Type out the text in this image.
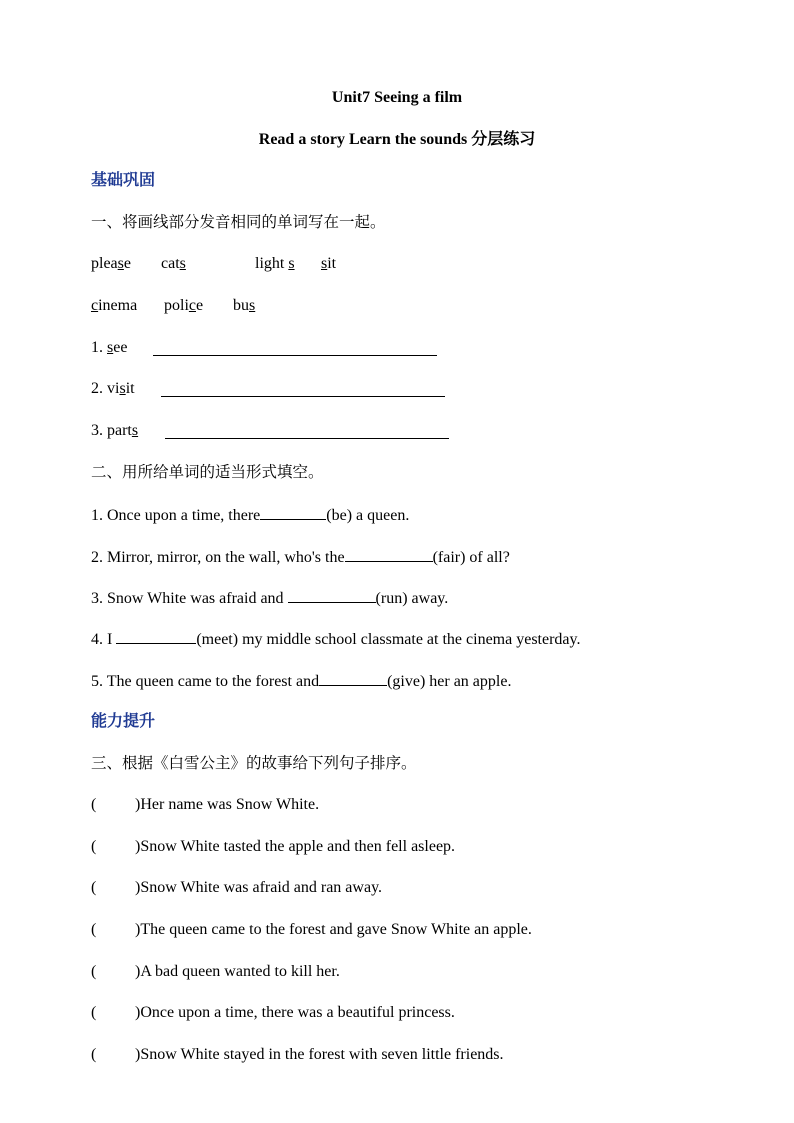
Unit7 Seeing a film
Read a story Learn the sounds 分层练习
基础巩固
一、将画线部分发音相同的单词写在一起。
please cats	light s sit
cinema police bus
1. see
2. visit
3. parts
二、用所给单词的适当形式填空。
1. Once upon a time, there	(be) a queen.
2. Mirror, mirror, on the wall, who's the	(fair) of all?
3. Snow White was afraid and	(run) away.
4. I	(meet) my middle school classmate at the cinema yesterday.
5. The queen came to the forest and	(give) her an apple.
能力提升
三、根据《白雪公主》的故事给下列句子排序。
( )Her name was Snow White.
( )Snow White tasted the apple and then fell asleep.
( )Snow White was afraid and ran away.
( )The queen came to the forest and gave Snow White an apple.
( )A bad queen wanted to kill her.
( )Once upon a time, there was a beautiful princess.
( )Snow White stayed in the forest with seven little friends.
